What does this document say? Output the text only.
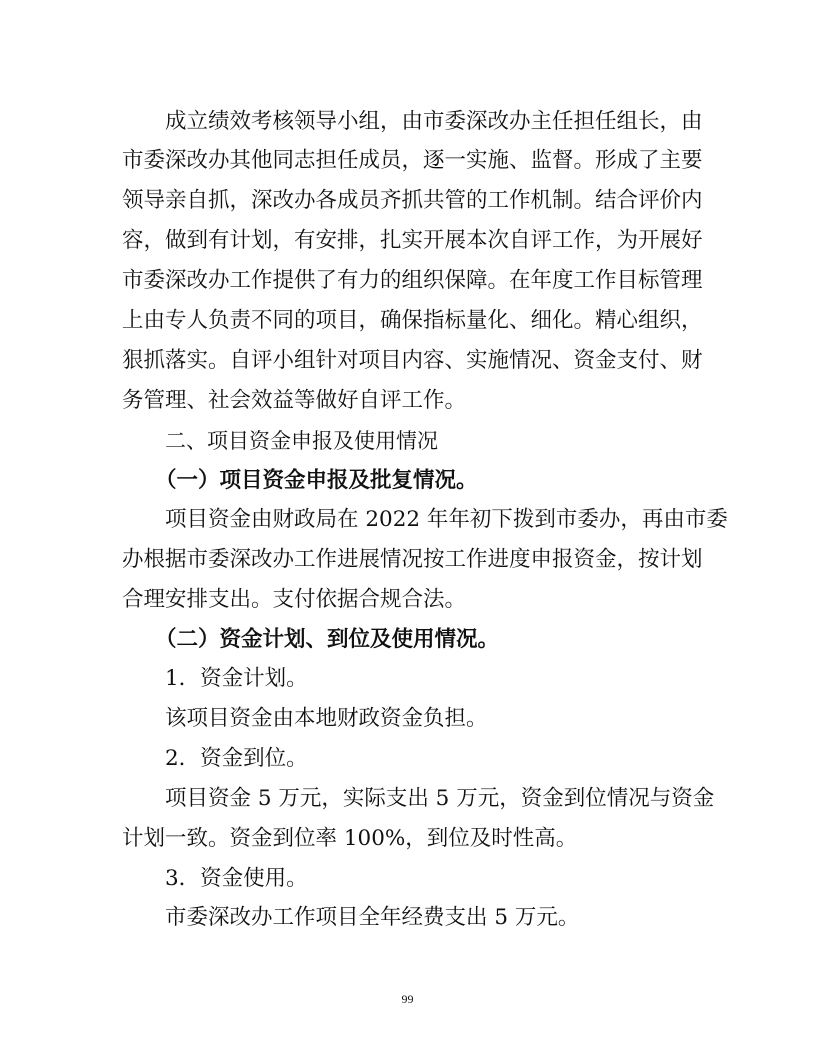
成立绩效考核领导小组，由市委深改办主任担任组长，由
市委深改办其他同志担任成员，逐一实施、监督。形成了主要
领导亲自抓，深改办各成员齐抓共管的工作机制。结合评价内
容，做到有计划，有安排，扎实开展本次自评工作，为开展好
市委深改办工作提供了有力的组织保障。在年度工作目标管理
上由专人负责不同的项目，确保指标量化、细化。精心组织，
狠抓落实。自评小组针对项目内容、实施情况、资金支付、财
务管理、社会效益等做好自评工作。
二、项目资金申报及使用情况
（一）项目资金申报及批复情况。
项目资金由财政局在 2022 年年初下拨到市委办，再由市委
办根据市委深改办工作进展情况按工作进度申报资金，按计划
合理安排支出。支付依据合规合法。
（二）资金计划、到位及使用情况。
1．资金计划。
该项目资金由本地财政资金负担。
2．资金到位。
项目资金 5 万元，实际支出 5 万元，资金到位情况与资金
计划一致。资金到位率 100%，到位及时性高。
3．资金使用。
市委深改办工作项目全年经费支出 5 万元。
99
